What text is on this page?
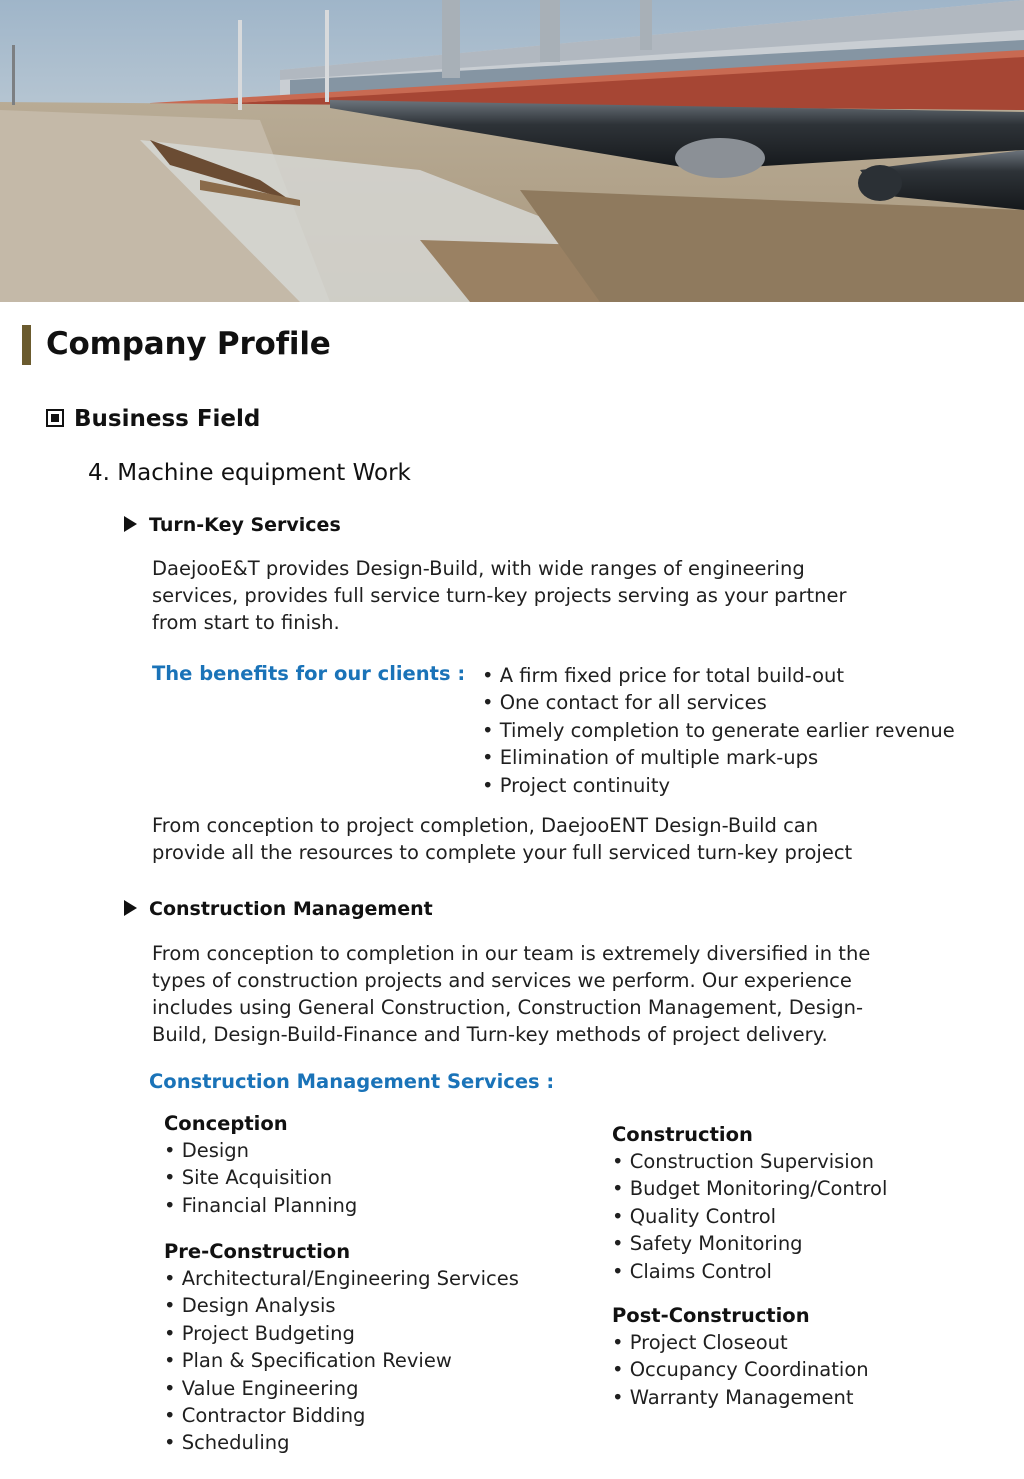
Company Profile
Business Field
4. Machine equipment Work
Turn-Key Services
DaejooE&T provides Design-Build, with wide ranges of engineering
services, provides full service turn-key projects serving as your partner
from start to finish.
The benefits for our clients :
•	A firm fixed price for total build-out
• One contact for all services
• Timely completion to generate earlier revenue
• Elimination of multiple mark-ups
• Project continuity
From conception to project completion, DaejooENT Design-Build can
provide all the resources to complete your full serviced turn-key project
Construction Management
From conception to completion in our team is extremely diversified in the
types of construction projects and services we perform. Our experience
includes using General Construction, Construction Management, Design-
Build, Design-Build-Finance and Turn-key methods of project delivery.
Construction Management Services :
Conception
• Design
• Site Acquisition
• Financial Planning
Pre-Construction
• Architectural/Engineering Services
• Design Analysis
• Project Budgeting
• Plan & Specification Review
• Value Engineering
• Contractor Bidding
• Scheduling
Construction
• Construction Supervision
• Budget Monitoring/Control
• Quality Control
• Safety Monitoring
• Claims Control
Post-Construction
• Project Closeout
• Occupancy Coordination
• Warranty Management
